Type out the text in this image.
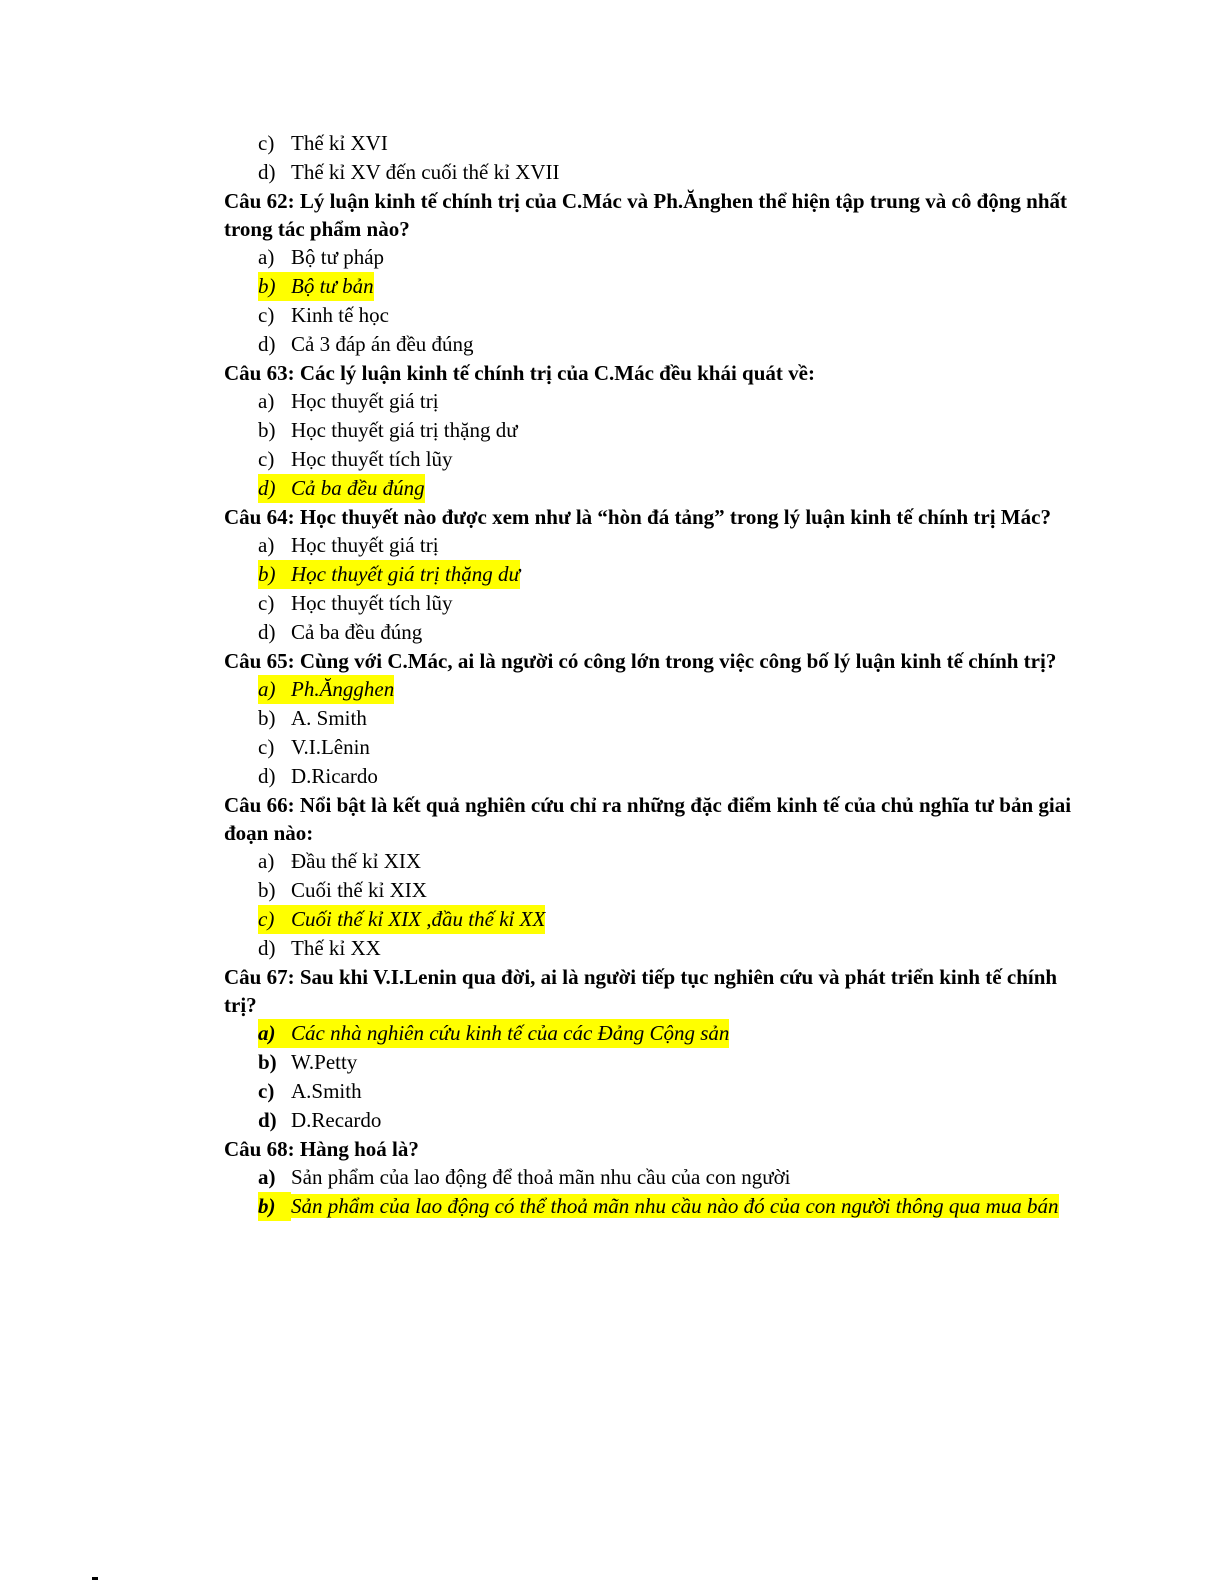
c) Thế kỉ XVI
d) Thế kỉ XV đến cuối thế kỉ XVII

Câu 62: Lý luận kinh tế chính trị của C.Mác và Ph.Ănghen thể hiện tập trung và cô động nhất trong tác phẩm nào?

a) Bộ tư pháp
b) Bộ tư bản
c) Kinh tế học
d) Cả 3 đáp án đều đúng

Câu 63: Các lý luận kinh tế chính trị của C.Mác đều khái quát về:

a) Học thuyết giá trị
b) Học thuyết giá trị thặng dư
c) Học thuyết tích lũy
d) Cả ba đều đúng

Câu 64: Học thuyết nào được xem như là “hòn đá tảng” trong lý luận kinh tế chính trị Mác?

a) Học thuyết giá trị
b) Học thuyết giá trị thặng dư
c) Học thuyết tích lũy
d) Cả ba đều đúng

Câu 65: Cùng với C.Mác, ai là người có công lớn trong việc công bố lý luận kinh tế chính trị?

a) Ph.Ăngghen
b) A. Smith
c) V.I.Lênin
d) D.Ricardo

Câu 66: Nổi bật là kết quả nghiên cứu chỉ ra những đặc điểm kinh tế của chủ nghĩa tư bản giai đoạn nào:

a) Đầu thế kỉ XIX
b) Cuối thế kỉ XIX
c) Cuối thế kỉ XIX ,đầu thế kỉ XX
d) Thế kỉ XX

Câu 67: Sau khi V.I.Lenin qua đời, ai là người tiếp tục nghiên cứu và phát triển kinh tế chính trị?

a) Các nhà nghiên cứu kinh tế của các Đảng Cộng sản
b) W.Petty
c) A.Smith
d) D.Recardo

Câu 68: Hàng hoá là?

a) Sản phẩm của lao động để thoả mãn nhu cầu của con người
b) Sản phẩm của lao động có thể thoả mãn nhu cầu nào đó của con người thông qua mua bán
